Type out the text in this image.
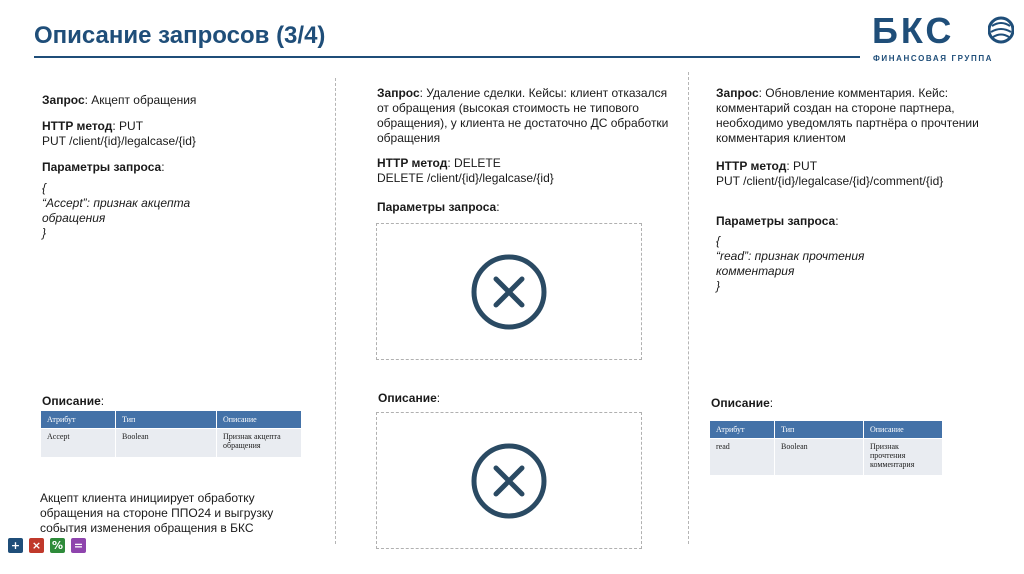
Описание запросов (3/4)	БКС
ФИНАНСОВАЯ ГРУППА
Запрос: Акцепт обращения
HTTP метод: PUT
PUT /client/{id}/legalcase/{id}
Параметры запроса:
{
“Accept”: признак акцепта обращения
}
Описание:
Атрибут	Тип	Описание
Accept	Boolean	Признак акцепта обращения
Акцепт клиента инициирует обработку обращения на стороне ППО24 и выгрузку события изменения обращения в БКС
Запрос: Удаление сделки. Кейсы: клиент отказался от обращения (высокая стоимость не типового обращения), у клиента не достаточно ДС обработки обращения
HTTP метод: DELETE
DELETE /client/{id}/legalcase/{id}
Параметры запроса:
Описание:
Запрос: Обновление комментария. Кейс: комментарий создан на стороне партнера, необходимо уведомлять партнёра о прочтении комментария клиентом
HTTP метод: PUT
PUT /client/{id}/legalcase/{id}/comment/{id}
Параметры запроса:
{
“read”: признак прочтения комментария
}
Описание:
Атрибут	Тип	Описание
read	Boolean	Признак прочтения комментария
+ × % =
